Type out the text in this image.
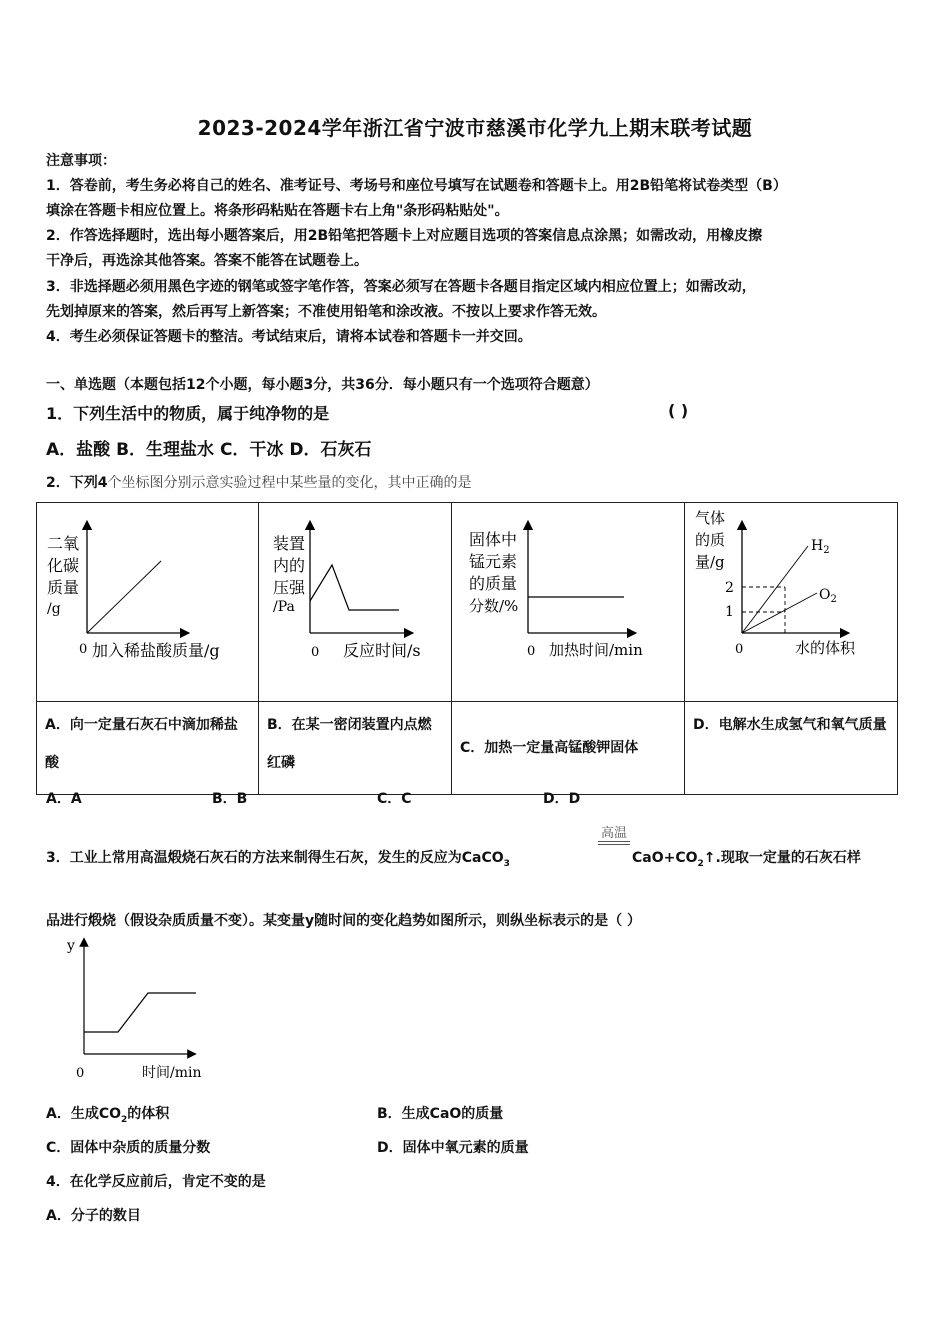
2023-2024学年浙江省宁波市慈溪市化学九上期末联考试题
注意事项：
1．答卷前，考生务必将自己的姓名、准考证号、考场号和座位号填写在试题卷和答题卡上。用2B铅笔将试卷类型（B）
填涂在答题卡相应位置上。将条形码粘贴在答题卡右上角"条形码粘贴处"。
2．作答选择题时，选出每小题答案后，用2B铅笔把答题卡上对应题目选项的答案信息点涂黑；如需改动，用橡皮擦
干净后，再选涂其他答案。答案不能答在试题卷上。
3．非选择题必须用黑色字迹的钢笔或签字笔作答，答案必须写在答题卡各题目指定区域内相应位置上；如需改动，
先划掉原来的答案，然后再写上新答案；不准使用铅笔和涂改液。不按以上要求作答无效。
4．考生必须保证答题卡的整洁。考试结束后，请将本试卷和答题卡一并交回。
一、单选题（本题包括12个小题，每小题3分，共36分．每小题只有一个选项符合题意）
1．下列生活中的物质，属于纯净物的是	( )
A．盐酸 B．生理盐水 C．干冰 D．石灰石
2．下列4个坐标图分别示意实验过程中某些量的变化，其中正确的是
二氧
化碳
质量
/g
0 加入稀盐酸质量/g

装置
内的
压强
/Pa
0 反应时间/s

固体中
锰元素
的质量
分数/%
0 加热时间/min

气体
的质
量/g
2
1
$H_2$
$O_2$
0	水的体积

A．向一定量石灰石中滴加稀盐酸	B．在某一密闭装置内点燃红磷	C．加热一定量高锰酸钾固体	D．电解水生成氢气和氧气质量
A．A	B．B	C．C	D．D
3．工业上常用高温煅烧石灰石的方法来制得生石灰，发生的反应为CaCO$_3$
高温
$CaO+CO_2↑$.现取一定量的石灰石样
品进行煅烧（假设杂质质量不变）。某变量y随时间的变化趋势如图所示，则纵坐标表示的是（ ）
y
0	时间/min
A．生成$CO_2$的体积	B．生成CaO的质量
C．固体中杂质的质量分数	D．固体中氧元素的质量
4．在化学反应前后，肯定不变的是
A．分子的数目
